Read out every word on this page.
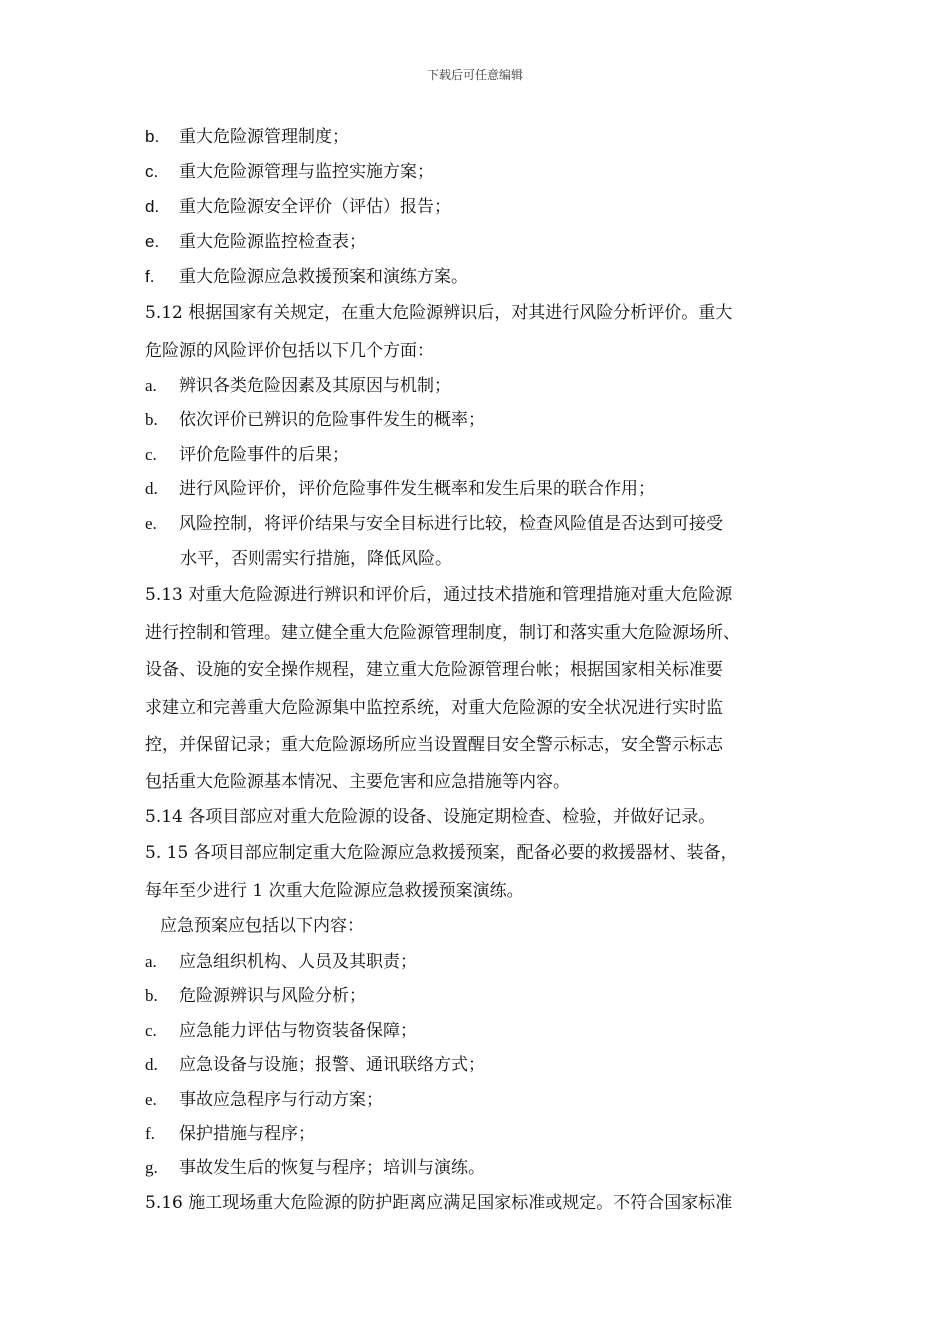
下载后可任意编辑
b. 重大危险源管理制度；
c. 重大危险源管理与监控实施方案；
d. 重大危险源安全评价（评估）报告；
e. 重大危险源监控检查表；
f. 重大危险源应急救援预案和演练方案。
5.12 根据国家有关规定，在重大危险源辨识后，对其进行风险分析评价。重大
危险源的风险评价包括以下几个方面：
a. 辨识各类危险因素及其原因与机制；
b. 依次评价已辨识的危险事件发生的概率；
c. 评价危险事件的后果；
d. 进行风险评价，评价危险事件发生概率和发生后果的联合作用；
e. 风险控制，将评价结果与安全目标进行比较，检查风险值是否达到可接受
水平，否则需实行措施，降低风险。
5.13 对重大危险源进行辨识和评价后，通过技术措施和管理措施对重大危险源
进行控制和管理。建立健全重大危险源管理制度，制订和落实重大危险源场所、
设备、设施的安全操作规程，建立重大危险源管理台帐；根据国家相关标准要
求建立和完善重大危险源集中监控系统，对重大危险源的安全状况进行实时监
控，并保留记录；重大危险源场所应当设置醒目安全警示标志，安全警示标志
包括重大危险源基本情况、主要危害和应急措施等内容。
5.14 各项目部应对重大危险源的设备、设施定期检查、检验，并做好记录。
5. 15 各项目部应制定重大危险源应急救援预案，配备必要的救援器材、装备，
每年至少进行 1 次重大危险源应急救援预案演练。
应急预案应包括以下内容：
a. 应急组织机构、人员及其职责；
b. 危险源辨识与风险分析；
c. 应急能力评估与物资装备保障；
d. 应急设备与设施；报警、通讯联络方式；
e. 事故应急程序与行动方案；
f. 保护措施与程序；
g. 事故发生后的恢复与程序；培训与演练。
5.16 施工现场重大危险源的防护距离应满足国家标准或规定。不符合国家标准
